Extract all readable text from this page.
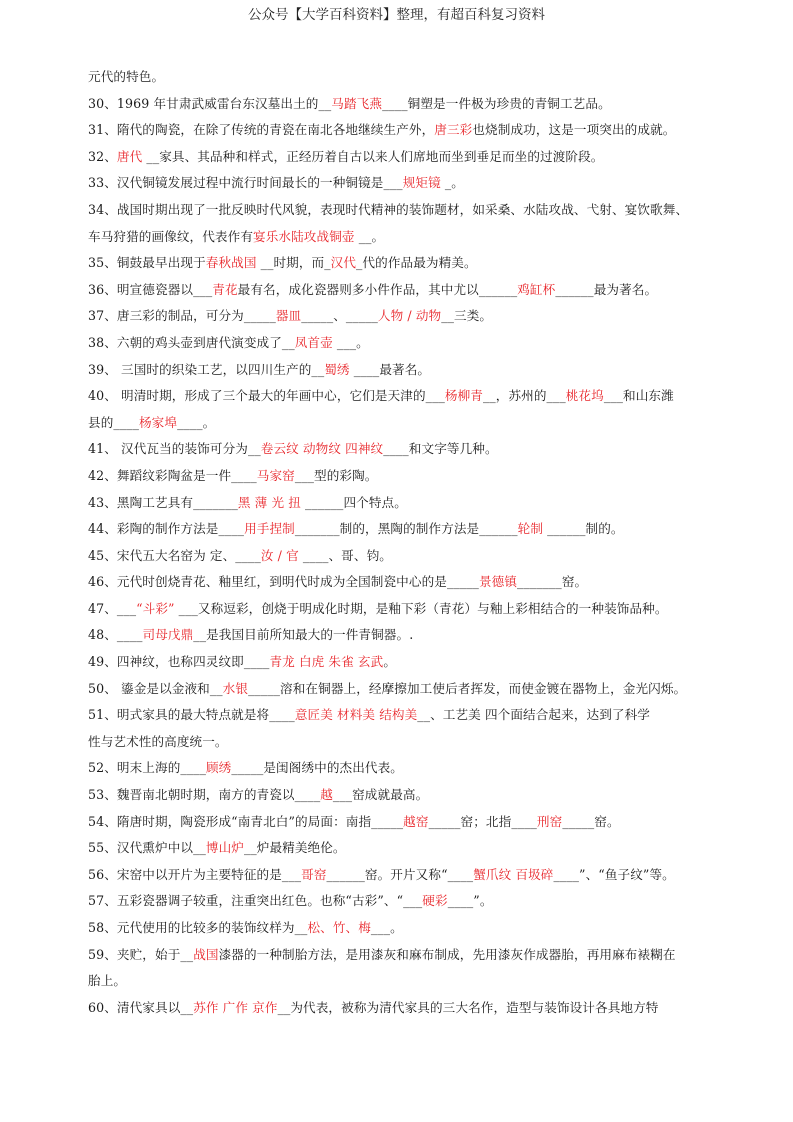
公众号【大学百科资料】整理，有超百科复习资料
元代的特色。
30、1969 年甘肃武威雷台东汉墓出土的__马踏飞燕____铜塑是一件极为珍贵的青铜工艺品。
31、隋代的陶瓷，在除了传统的青瓷在南北各地继续生产外，唐三彩也烧制成功，这是一项突出的成就。
32、唐代 __家具、其品种和样式，正经历着自古以来人们席地而坐到垂足而坐的过渡阶段。
33、汉代铜镜发展过程中流行时间最长的一种铜镜是___规矩镜 _。
34、战国时期出现了一批反映时代风貌，表现时代精神的装饰题材，如采桑、水陆攻战、弋射、宴饮歌舞、
车马狩猎的画像纹，代表作有宴乐水陆攻战铜壶 __。
35、铜鼓最早出现于春秋战国 __时期，而_汉代_代的作品最为精美。
36、明宣德瓷器以___青花最有名，成化瓷器则多小件作品，其中尤以______鸡缸杯______最为著名。
37、唐三彩的制品，可分为_____器皿_____、_____人物 / 动物__三类。
38、六朝的鸡头壶到唐代演变成了__凤首壶 ___。
39、 三国时的织染工艺，以四川生产的__蜀绣 ____最著名。
40、 明清时期，形成了三个最大的年画中心，它们是天津的___杨柳青__，苏州的___桃花坞___和山东潍
县的____杨家埠____。
41、 汉代瓦当的装饰可分为__卷云纹 动物纹 四神纹____和文字等几种。
42、舞蹈纹彩陶盆是一件____马家窑___型的彩陶。
43、黑陶工艺具有_______黑 薄 光 扭 ______四个特点。
44、彩陶的制作方法是____用手捏制_______制的，黑陶的制作方法是______轮制 ______制的。
45、宋代五大名窑为 定、____汝 / 官 ____、哥、钧。
46、元代时创烧青花、釉里红，到明代时成为全国制瓷中心的是_____景德镇_______窑。
47、___“斗彩” ___又称逗彩，创烧于明成化时期，是釉下彩（青花）与釉上彩相结合的一种装饰品种。
48、____司母戊鼎__是我国目前所知最大的一件青铜器。.
49、四神纹，也称四灵纹即____青龙 白虎 朱雀 玄武。
50、 鎏金是以金液和__水银_____溶和在铜器上，经摩擦加工使后者挥发，而使金镀在器物上，金光闪烁。
51、明式家具的最大特点就是将____意匠美 材料美 结构美__、工艺美 四个面结合起来，达到了科学
性与艺术性的高度统一。
52、明末上海的____顾绣_____是闺阁绣中的杰出代表。
53、魏晋南北朝时期，南方的青瓷以____越___窑成就最高。
54、隋唐时期，陶瓷形成“南青北白”的局面：南指_____越窑_____窑；北指____刑窑_____窑。
55、汉代熏炉中以__博山炉__炉最精美绝伦。
56、宋窑中以开片为主要特征的是___哥窑______窑。开片又称“____蟹爪纹 百圾碎____”、“鱼子纹”等。
57、五彩瓷器调子较重，注重突出红色。也称“古彩”、“___硬彩____”。
58、元代使用的比较多的装饰纹样为__松、竹、梅___。
59、夹贮，始于__战国漆器的一种制胎方法，是用漆灰和麻布制成，先用漆灰作成器胎，再用麻布裱糊在
胎上。
60、清代家具以__苏作 广作 京作__为代表，被称为清代家具的三大名作，造型与装饰设计各具地方特
